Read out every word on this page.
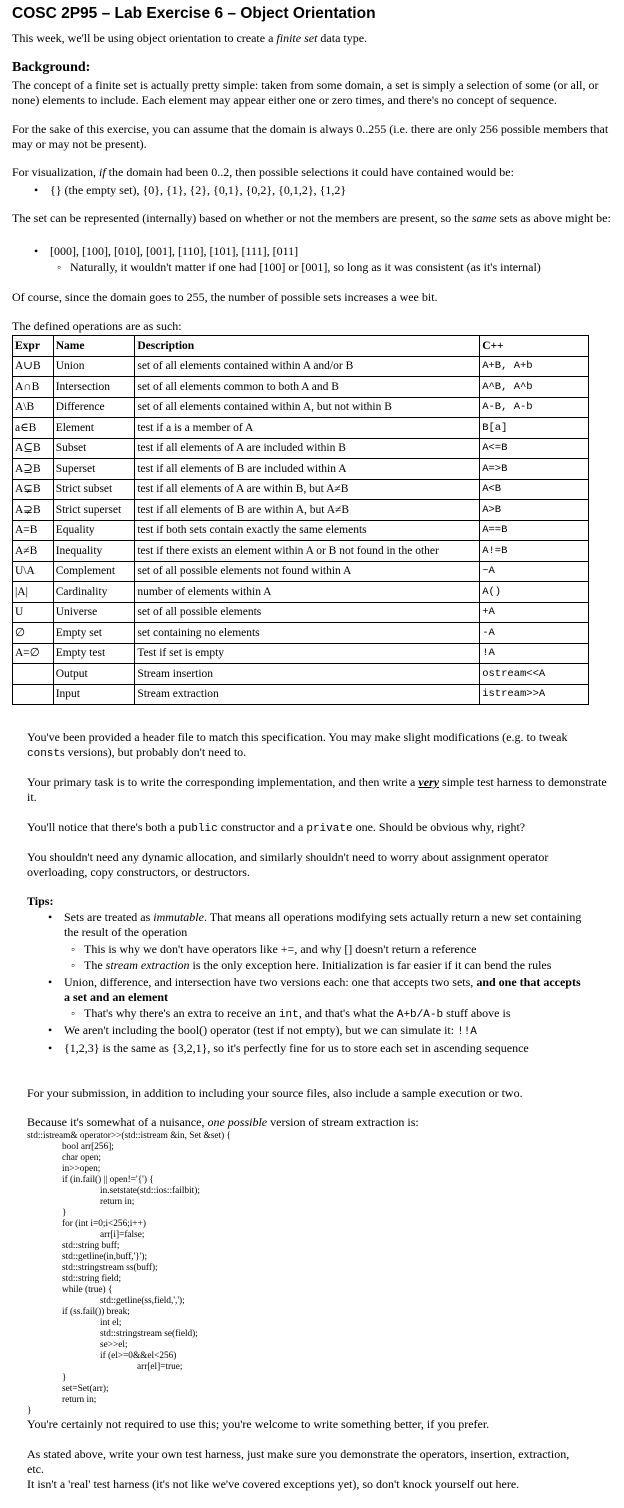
COSC 2P95 – Lab Exercise 6 – Object Orientation

This week, we'll be using object orientation to create a finite set data type.

Background:

The concept of a finite set is actually pretty simple: taken from some domain, a set is simply a selection of some (or all, or none) elements to include. Each element may appear either one or zero times, and there's no concept of sequence.

For the sake of this exercise, you can assume that the domain is always 0..255 (i.e. there are only 256 possible members that may or may not be present).

For visualization, if the domain had been 0..2, then possible selections it could have contained would be:

• {} (the empty set), {0}, {1}, {2}, {0,1}, {0,2}, {0,1,2}, {1,2}

The set can be represented (internally) based on whether or not the members are present, so the same sets as above might be:

• [000], [100], [010], [001], [110], [101], [111], [011]

◦ Naturally, it wouldn't matter if one had [100] or [001], so long as it was consistent (as it's internal)

Of course, since the domain goes to 255, the number of possible sets increases a wee bit.

The defined operations are as such:

Expr	Name	Description	C++
A∪B	Union	set of all elements contained within A and/or B	A+B, A+b
A∩B	Intersection	set of all elements common to both A and B	A^B, A^b
A\B	Difference	set of all elements contained within A, but not within B	A-B, A-b
a∈B	Element	test if a is a member of A	B[a]
A⊆B	Subset	test if all elements of A are included within B	A<=B
A⊇B	Superset	test if all elements of B are included within A	A=>B
A⊊B	Strict subset	test if all elements of A are within B, but A≠B	A<B
A⊋B	Strict superset	test if all elements of B are within A, but A≠B	A>B
A=B	Equality	test if both sets contain exactly the same elements	A==B
A≠B	Inequality	test if there exists an element within A or B not found in the other	A!=B
U\A	Complement	set of all possible elements not found within A	~A
|A|	Cardinality	number of elements within A	A()
U	Universe	set of all possible elements	+A
∅	Empty set	set containing no elements	-A
A=∅	Empty test	Test if set is empty	!A
	Output	Stream insertion	ostream<<A
	Input	Stream extraction	istream>>A

You've been provided a header file to match this specification. You may make slight modifications (e.g. to tweak consts versions), but probably don't need to.

Your primary task is to write the corresponding implementation, and then write a very simple test harness to demonstrate it.

You'll notice that there's both a public constructor and a private one. Should be obvious why, right?

You shouldn't need any dynamic allocation, and similarly shouldn't need to worry about assignment operator overloading, copy constructors, or destructors.

Tips:

• Sets are treated as immutable. That means all operations modifying sets actually return a new set containing the result of the operation

◦ This is why we don't have operators like +=, and why [] doesn't return a reference

◦ The stream extraction is the only exception here. Initialization is far easier if it can bend the rules

• Union, difference, and intersection have two versions each: one that accepts two sets, and one that accepts a set and an element

◦ That's why there's an extra to receive an int, and that's what the A+b/A-b stuff above is

• We aren't including the bool() operator (test if not empty), but we can simulate it: !!A

• {1,2,3} is the same as {3,2,1}, so it's perfectly fine for us to store each set in ascending sequence

For your submission, in addition to including your source files, also include a sample execution or two.

Because it's somewhat of a nuisance, one possible version of stream extraction is:

std::istream& operator>>(std::istream &in, Set &set) {

bool arr[256];

char open;

in>>open;

if (in.fail() || open!='{') {

in.setstate(std::ios::failbit);

return in;

}

for (int i=0;i<256;i++)

arr[i]=false;

std::string buff;

std::getline(in,buff,'}');

std::stringstream ss(buff);

std::string field;

while (true) {

std::getline(ss,field,',');

if (ss.fail()) break;

int el;

std::stringstream se(field);

se>>el;

if (el>=0&&el<256)

arr[el]=true;

}

set=Set(arr);

return in;

}

You're certainly not required to use this; you're welcome to write something better, if you prefer.

As stated above, write your own test harness, just make sure you demonstrate the operators, insertion, extraction, etc.

It isn't a 'real' test harness (it's not like we've covered exceptions yet), so don't knock yourself out here.
